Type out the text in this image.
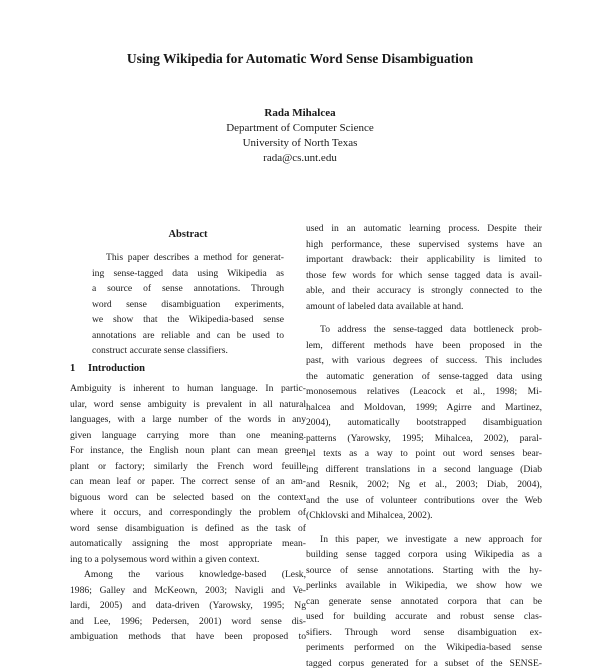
Using Wikipedia for Automatic Word Sense Disambiguation
Rada Mihalcea
Department of Computer Science
University of North Texas
rada@cs.unt.edu
Abstract
This paper describes a method for generat-
ing sense-tagged data using Wikipedia as
a source of sense annotations. Through
word sense disambiguation experiments,
we show that the Wikipedia-based sense
annotations are reliable and can be used to
construct accurate sense classifiers.
1 Introduction
Ambiguity is inherent to human language. In partic-
ular, word sense ambiguity is prevalent in all natural
languages, with a large number of the words in any
given language carrying more than one meaning.
For instance, the English noun plant can mean green
plant or factory; similarly the French word feuille
can mean leaf or paper. The correct sense of an am-
biguous word can be selected based on the context
where it occurs, and correspondingly the problem of
word sense disambiguation is defined as the task of
automatically assigning the most appropriate mean-
ing to a polysemous word within a given context.
Among the various knowledge-based (Lesk,
1986; Galley and McKeown, 2003; Navigli and Ve-
lardi, 2005) and data-driven (Yarowsky, 1995; Ng
and Lee, 1996; Pedersen, 2001) word sense dis-
ambiguation methods that have been proposed to
used in an automatic learning process. Despite their
high performance, these supervised systems have an
important drawback: their applicability is limited to
those few words for which sense tagged data is avail-
able, and their accuracy is strongly connected to the
amount of labeled data available at hand.
To address the sense-tagged data bottleneck prob-
lem, different methods have been proposed in the
past, with various degrees of success. This includes
the automatic generation of sense-tagged data using
monosemous relatives (Leacock et al., 1998; Mi-
halcea and Moldovan, 1999; Agirre and Martinez,
2004), automatically bootstrapped disambiguation
patterns (Yarowsky, 1995; Mihalcea, 2002), paral-
lel texts as a way to point out word senses bear-
ing different translations in a second language (Diab
and Resnik, 2002; Ng et al., 2003; Diab, 2004),
and the use of volunteer contributions over the Web
(Chklovski and Mihalcea, 2002).
In this paper, we investigate a new approach for
building sense tagged corpora using Wikipedia as a
source of sense annotations. Starting with the hy-
perlinks available in Wikipedia, we show how we
can generate sense annotated corpora that can be
used for building accurate and robust sense clas-
sifiers. Through word sense disambiguation ex-
periments performed on the Wikipedia-based sense
tagged corpus generated for a subset of the SENSE-
